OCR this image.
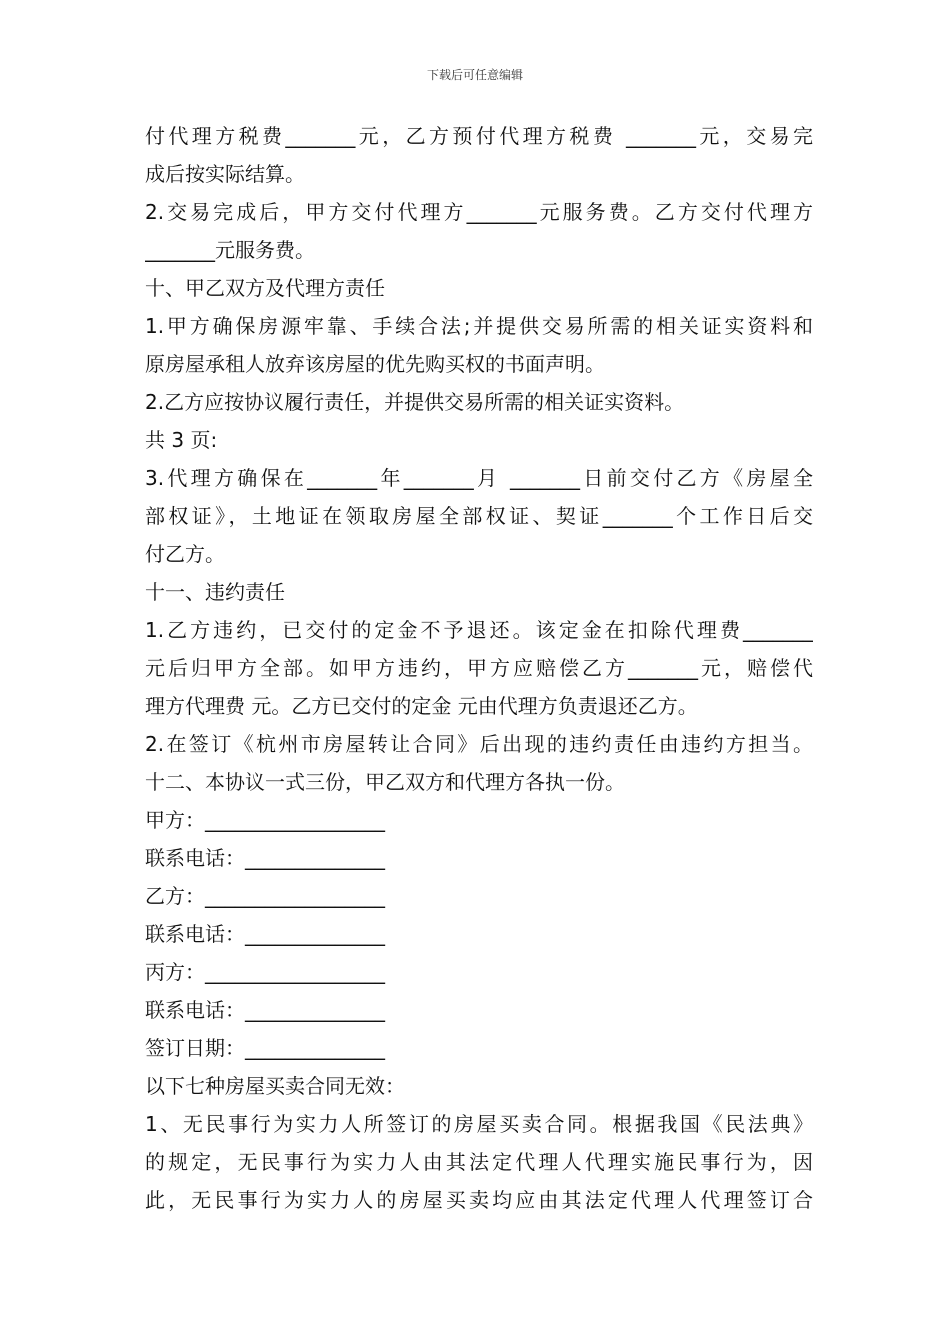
下载后可任意编辑

付代理方税费_______元，乙方预付代理方税费 _______元，交易完

成后按实际结算。

2.交易完成后，甲方交付代理方_______元服务费。乙方交付代理方

_______元服务费。

十、甲乙双方及代理方责任

1.甲方确保房源牢靠、手续合法;并提供交易所需的相关证实资料和

原房屋承租人放弃该房屋的优先购买权的书面声明。

2.乙方应按协议履行责任，并提供交易所需的相关证实资料。

共 3 页:

3.代理方确保在_______年_______月 _______日前交付乙方《房屋全

部权证》，土地证在领取房屋全部权证、契证_______个工作日后交

付乙方。

十一、违约责任

1.乙方违约，已交付的定金不予退还。该定金在扣除代理费_______

元后归甲方全部。如甲方违约，甲方应赔偿乙方_______元，赔偿代

理方代理费 元。乙方已交付的定金 元由代理方负责退还乙方。

2.在签订《杭州市房屋转让合同》后出现的违约责任由违约方担当。

十二、本协议一式三份，甲乙双方和代理方各执一份。

甲方：__________________

联系电话：______________

乙方：__________________

联系电话：______________

丙方：__________________

联系电话：______________

签订日期：______________

以下七种房屋买卖合同无效：

1、无民事行为实力人所签订的房屋买卖合同。根据我国《民法典》

的规定，无民事行为实力人由其法定代理人代理实施民事行为，因

此，无民事行为实力人的房屋买卖均应由其法定代理人代理签订合
